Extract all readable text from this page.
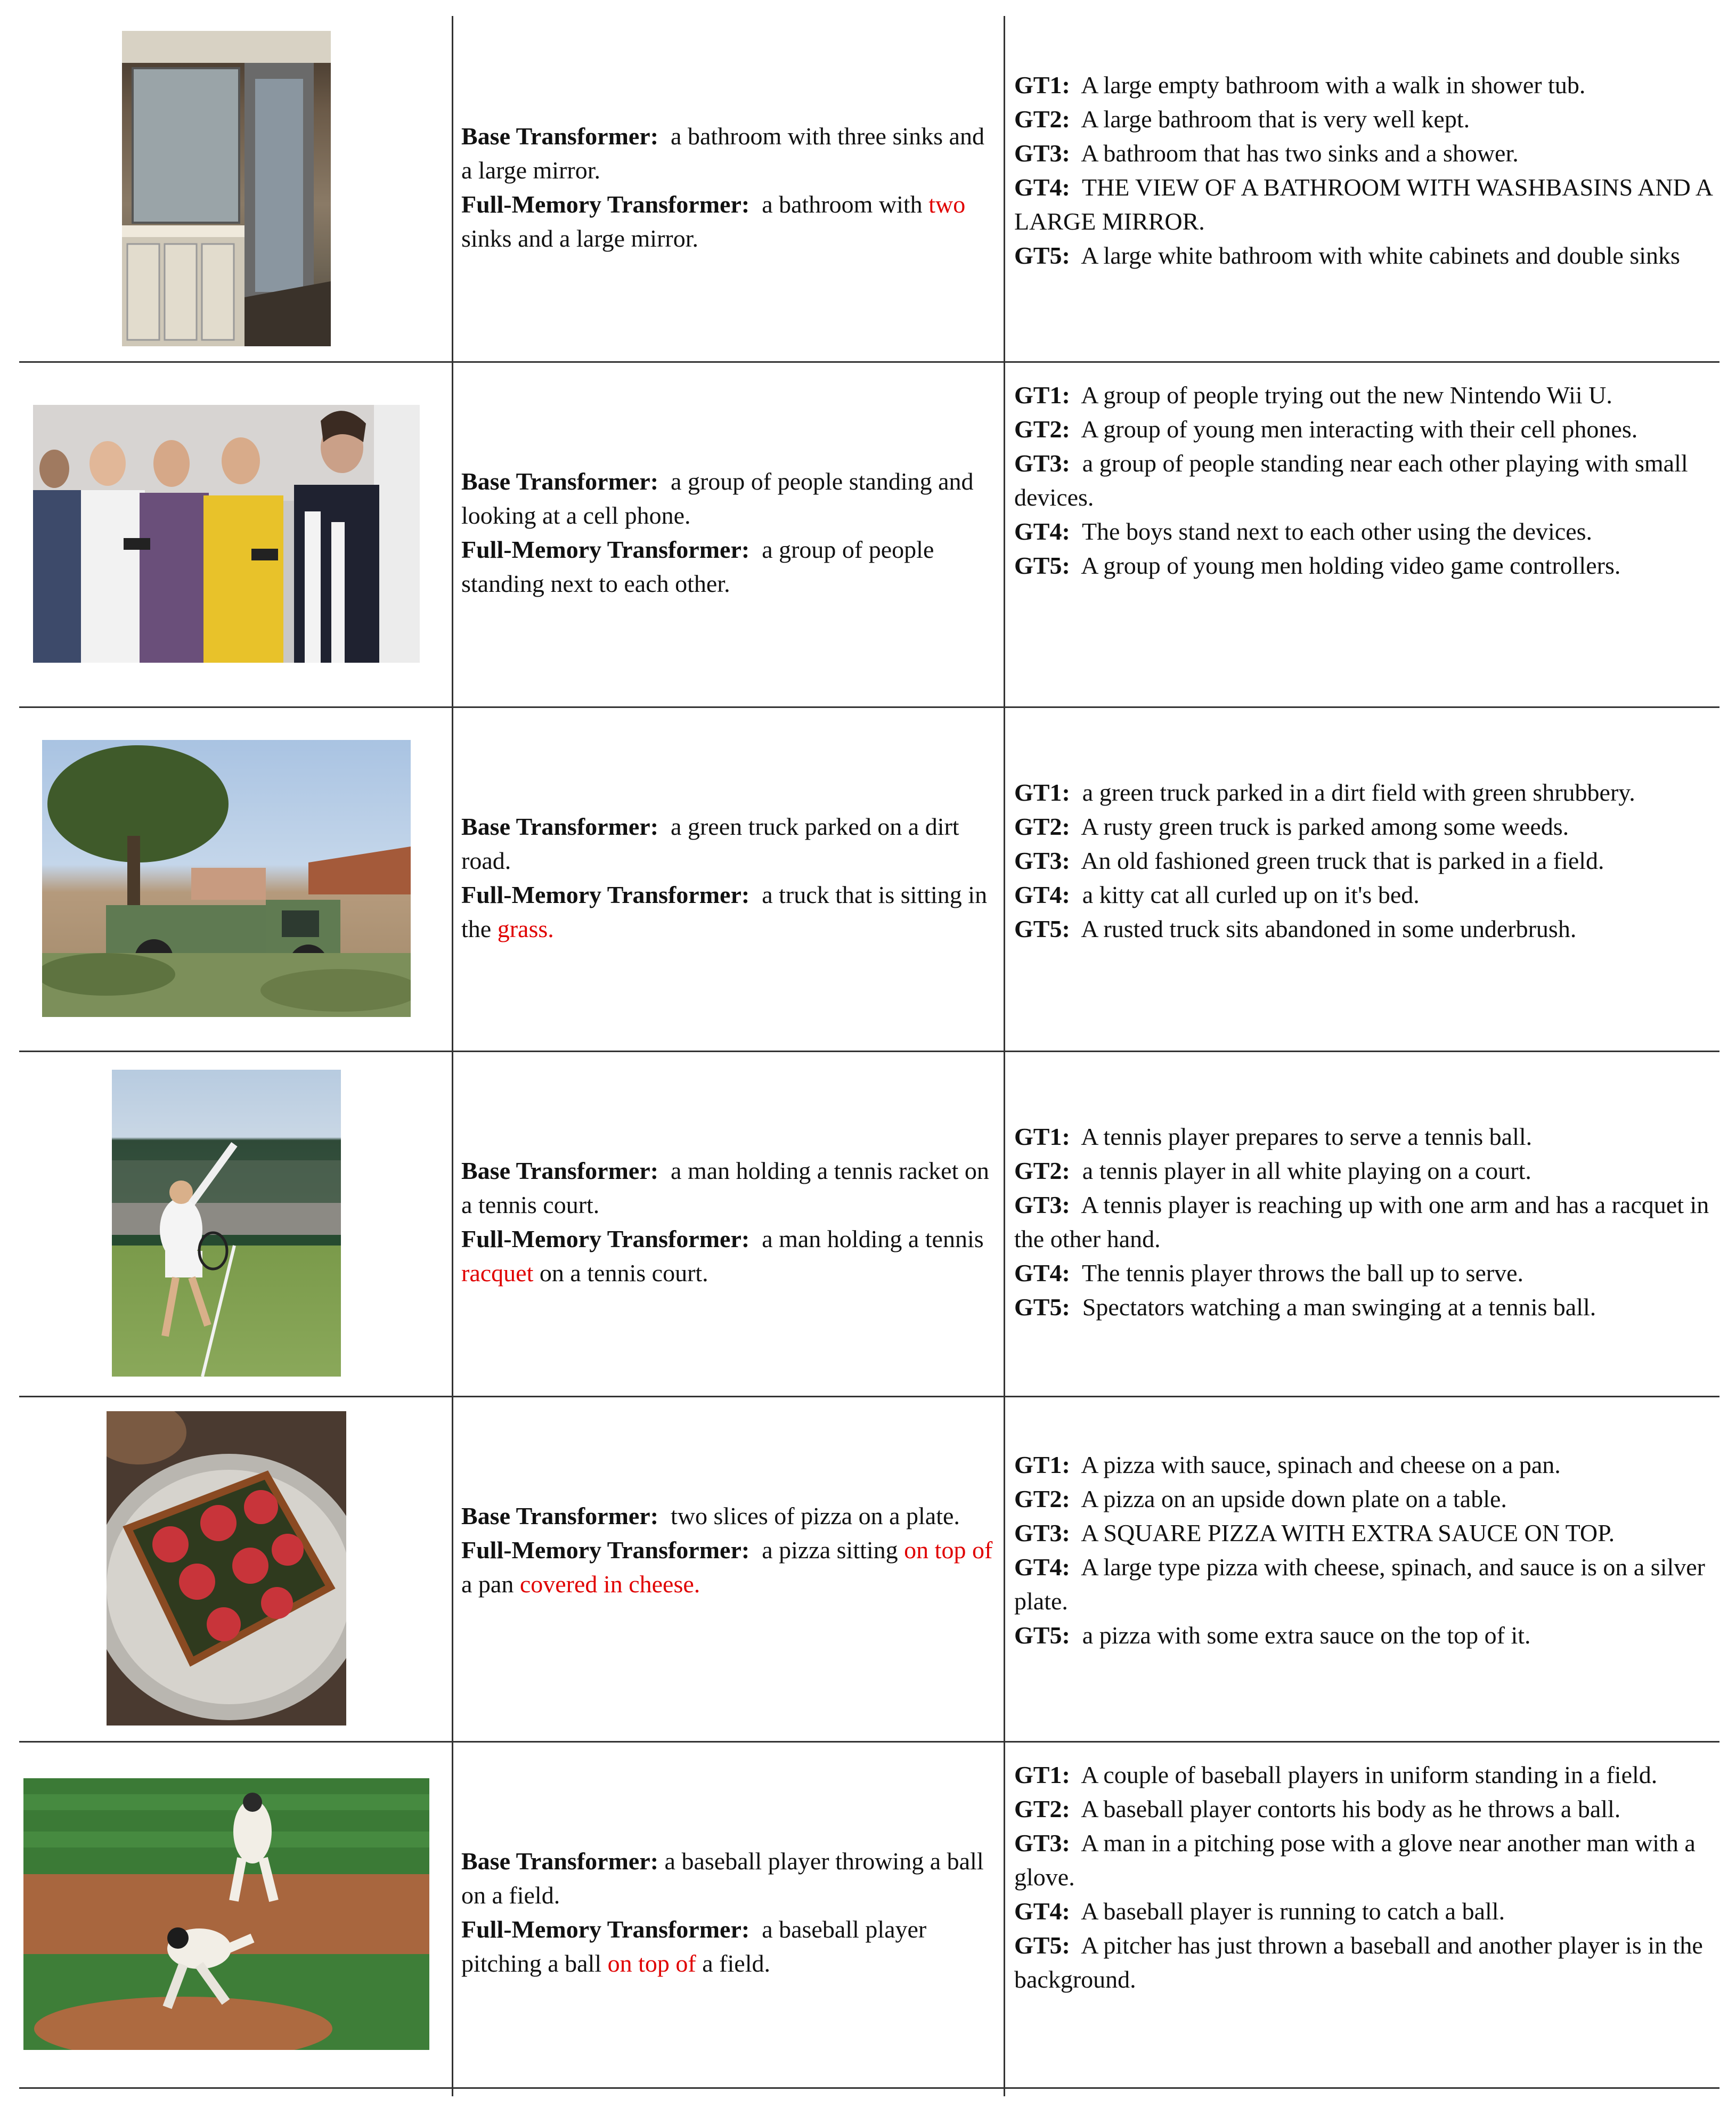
Base Transformer: a bathroom with three sinks and a large mirror.
Full-Memory Transformer: a bathroom with two sinks and a large mirror.

GT1: A large empty bathroom with a walk in shower tub.

GT2: A large bathroom that is very well kept.

GT3: A bathroom that has two sinks and a shower.

GT4: THE VIEW OF A BATHROOM WITH WASHBASINS AND A LARGE MIRROR.

GT5: A large white bathroom with white cabinets and double sinks

Base Transformer: a group of people standing and looking at a cell phone.
Full-Memory Transformer: a group of people standing next to each other.

GT1: A group of people trying out the new Nintendo Wii U.

GT2: A group of young men interacting with their cell phones.

GT3: a group of people standing near each other playing with small devices.

GT4: The boys stand next to each other using the devices.

GT5: A group of young men holding video game controllers.

Base Transformer: a green truck parked on a dirt road.
Full-Memory Transformer: a truck that is sitting in the grass.

GT1: a green truck parked in a dirt field with green shrubbery.

GT2: A rusty green truck is parked among some weeds.

GT3: An old fashioned green truck that is parked in a field.

GT4: a kitty cat all curled up on it's bed.

GT5: A rusted truck sits abandoned in some underbrush.

Base Transformer: a man holding a tennis racket on a tennis court.
Full-Memory Transformer: a man holding a tennis racquet on a tennis court.

GT1: A tennis player prepares to serve a tennis ball.

GT2: a tennis player in all white playing on a court.

GT3: A tennis player is reaching up with one arm and has a racquet in the other hand.

GT4: The tennis player throws the ball up to serve.

GT5: Spectators watching a man swinging at a tennis ball.

Base Transformer: two slices of pizza on a plate.
Full-Memory Transformer: a pizza sitting on top of a pan covered in cheese.

GT1: A pizza with sauce, spinach and cheese on a pan.

GT2: A pizza on an upside down plate on a table.

GT3: A SQUARE PIZZA WITH EXTRA SAUCE ON TOP.

GT4: A large type pizza with cheese, spinach, and sauce is on a silver plate.

GT5: a pizza with some extra sauce on the top of it.

Base Transformer: a baseball player throwing a ball on a field.
Full-Memory Transformer: a baseball player pitching a ball on top of a field.

GT1: A couple of baseball players in uniform standing in a field.

GT2: A baseball player contorts his body as he throws a ball.

GT3: A man in a pitching pose with a glove near another man with a glove.

GT4: A baseball player is running to catch a ball.

GT5: A pitcher has just thrown a baseball and another player is in the background.
